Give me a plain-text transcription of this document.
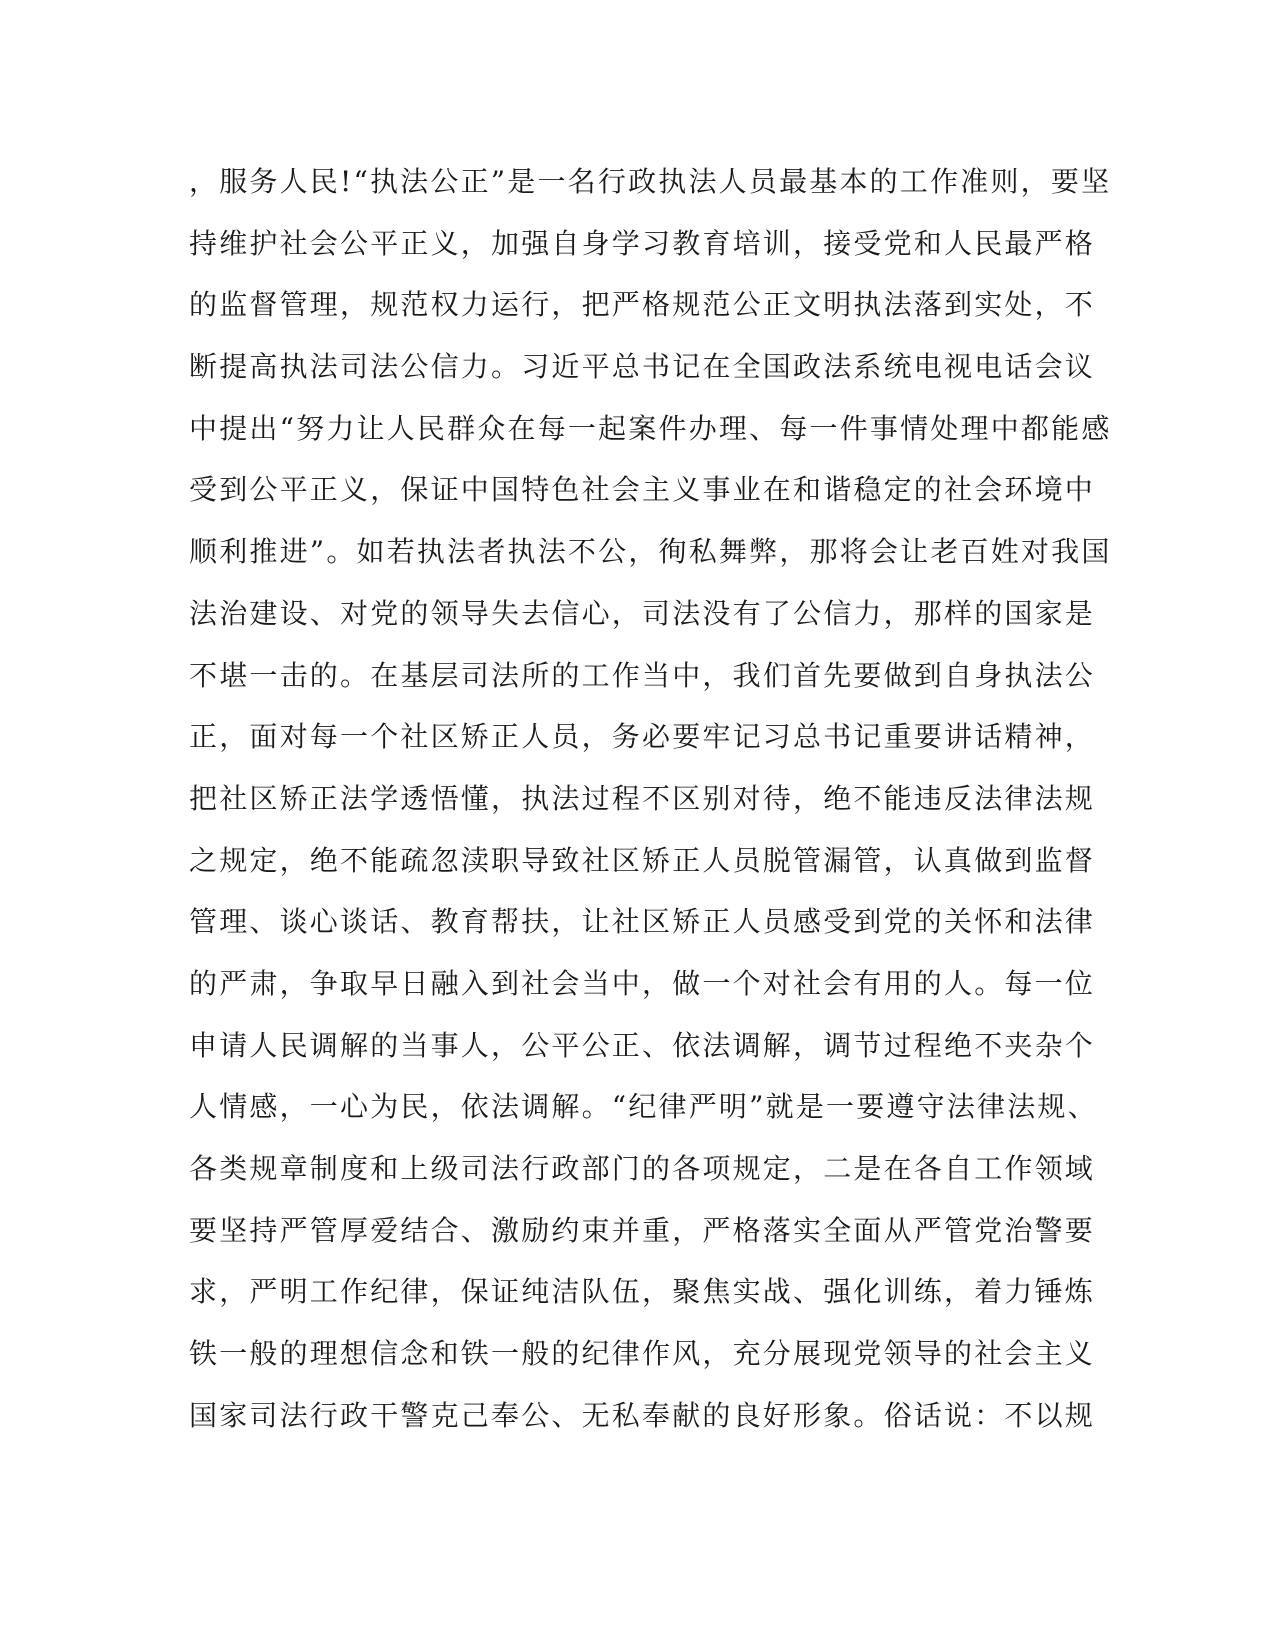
，服务人民!“执法公正”是一名行政执法人员最基本的工作准则，要坚
持维护社会公平正义，加强自身学习教育培训，接受党和人民最严格
的监督管理，规范权力运行，把严格规范公正文明执法落到实处，不
断提高执法司法公信力。习近平总书记在全国政法系统电视电话会议
中提出“努力让人民群众在每一起案件办理、每一件事情处理中都能感
受到公平正义，保证中国特色社会主义事业在和谐稳定的社会环境中
顺利推进”。如若执法者执法不公，徇私舞弊，那将会让老百姓对我国
法治建设、对党的领导失去信心，司法没有了公信力，那样的国家是
不堪一击的。在基层司法所的工作当中，我们首先要做到自身执法公
正，面对每一个社区矫正人员，务必要牢记习总书记重要讲话精神，
把社区矫正法学透悟懂，执法过程不区别对待，绝不能违反法律法规
之规定，绝不能疏忽渎职导致社区矫正人员脱管漏管，认真做到监督
管理、谈心谈话、教育帮扶，让社区矫正人员感受到党的关怀和法律
的严肃，争取早日融入到社会当中，做一个对社会有用的人。每一位
申请人民调解的当事人，公平公正、依法调解，调节过程绝不夹杂个
人情感，一心为民，依法调解。“纪律严明”就是一要遵守法律法规、
各类规章制度和上级司法行政部门的各项规定，二是在各自工作领域
要坚持严管厚爱结合、激励约束并重，严格落实全面从严管党治警要
求，严明工作纪律，保证纯洁队伍，聚焦实战、强化训练，着力锤炼
铁一般的理想信念和铁一般的纪律作风，充分展现党领导的社会主义
国家司法行政干警克己奉公、无私奉献的良好形象。俗话说：不以规
